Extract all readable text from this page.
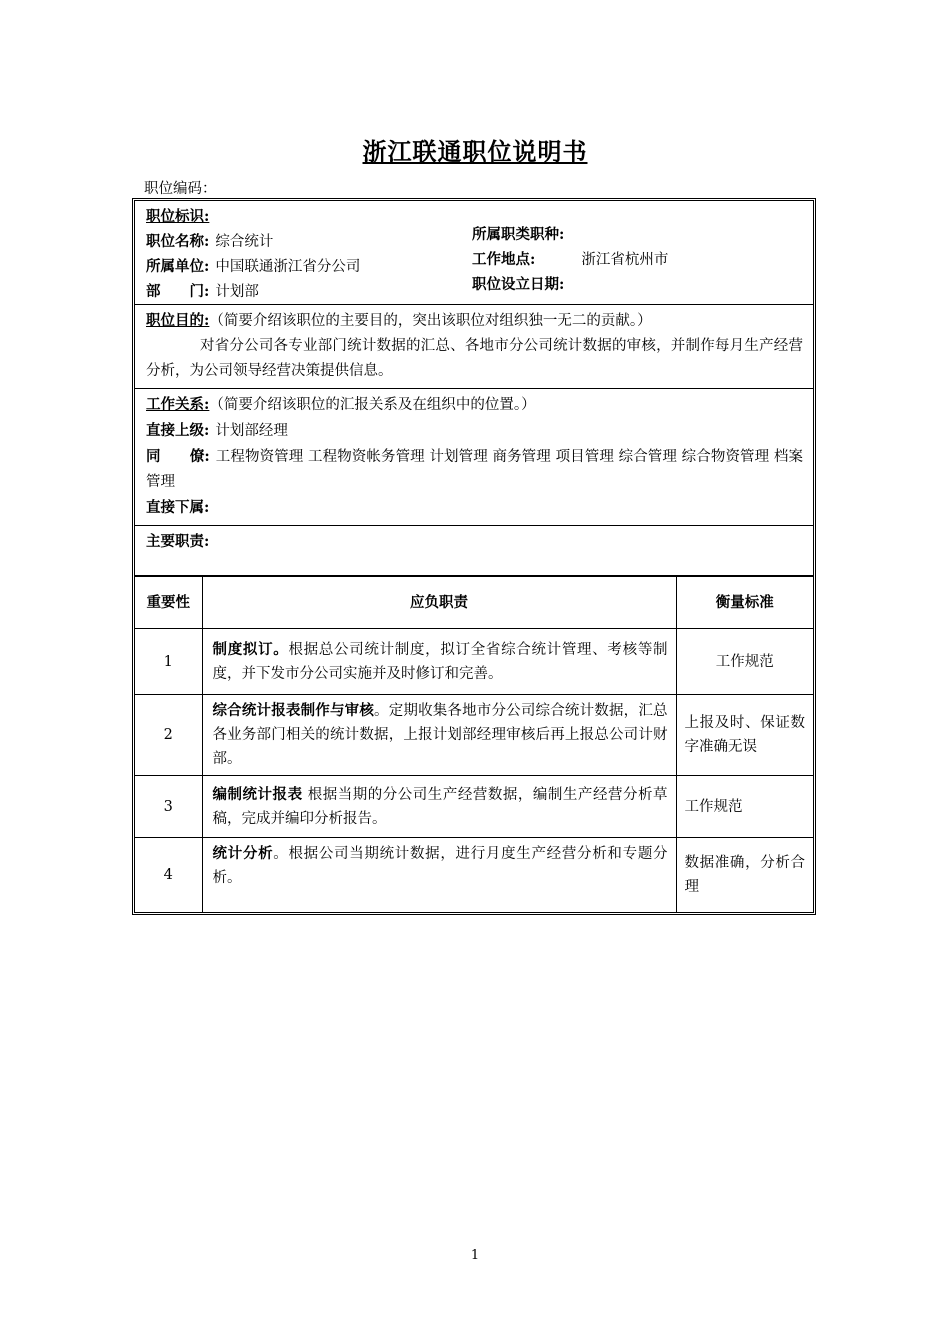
浙江联通职位说明书
职位编码：
职位标识:
职位名称: 综合统计
所属单位: 中国联通浙江省分公司
部　　门: 计划部
所属职类职种:
工作地点:	浙江省杭州市
职位设立日期:
职位目的:（简要介绍该职位的主要目的，突出该职位对组织独一无二的贡献。）
对省分公司各专业部门统计数据的汇总、各地市分公司统计数据的审核，并制作每月生产经营分析，为公司领导经营决策提供信息。
工作关系:（简要介绍该职位的汇报关系及在组织中的位置。）
直接上级: 计划部经理
同　　僚: 工程物资管理 工程物资帐务管理 计划管理 商务管理 项目管理 综合管理 综合物资管理 档案管理
直接下属:
主要职责:
重要性	应负职责	衡量标准
1	制度拟订。根据总公司统计制度，拟订全省综合统计管理、考核等制度，并下发市分公司实施并及时修订和完善。	工作规范
2	综合统计报表制作与审核。定期收集各地市分公司综合统计数据，汇总各业务部门相关的统计数据，上报计划部经理审核后再上报总公司计财部。	上报及时、保证数字准确无误
3	编制统计报表 根据当期的分公司生产经营数据，编制生产经营分析草稿，完成并编印分析报告。	工作规范
4	统计分析。根据公司当期统计数据，进行月度生产经营分析和专题分析。	数据准确，分析合理
1
